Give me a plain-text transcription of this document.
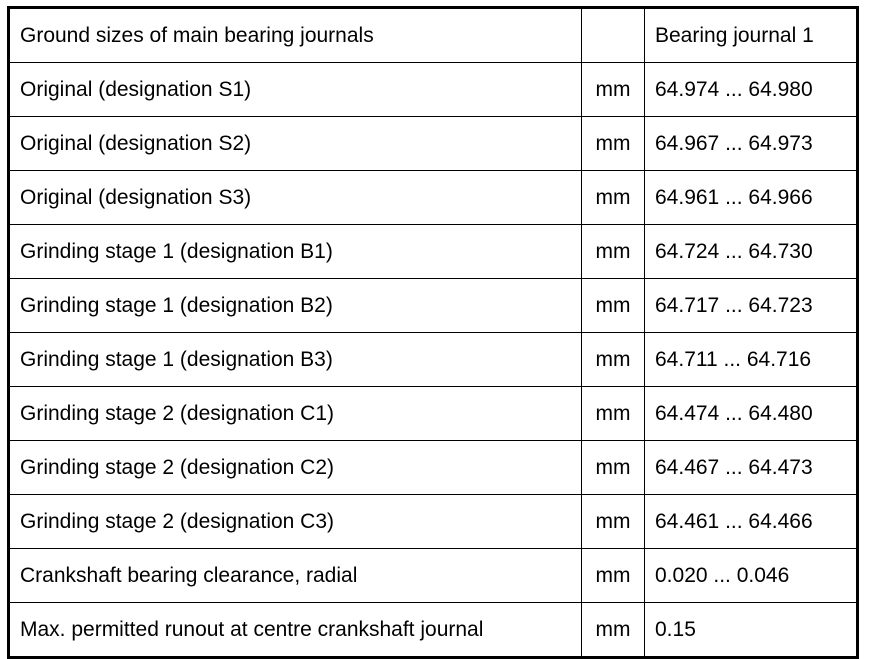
Ground sizes of main bearing journals		Bearing journal 1
Original (designation S1)	mm	64.974 ... 64.980
Original (designation S2)	mm	64.967 ... 64.973
Original (designation S3)	mm	64.961 ... 64.966
Grinding stage 1 (designation B1)	mm	64.724 ... 64.730
Grinding stage 1 (designation B2)	mm	64.717 ... 64.723
Grinding stage 1 (designation B3)	mm	64.711 ... 64.716
Grinding stage 2 (designation C1)	mm	64.474 ... 64.480
Grinding stage 2 (designation C2)	mm	64.467 ... 64.473
Grinding stage 2 (designation C3)	mm	64.461 ... 64.466
Crankshaft bearing clearance, radial	mm	0.020 ... 0.046
Max. permitted runout at centre crankshaft journal	mm	0.15
